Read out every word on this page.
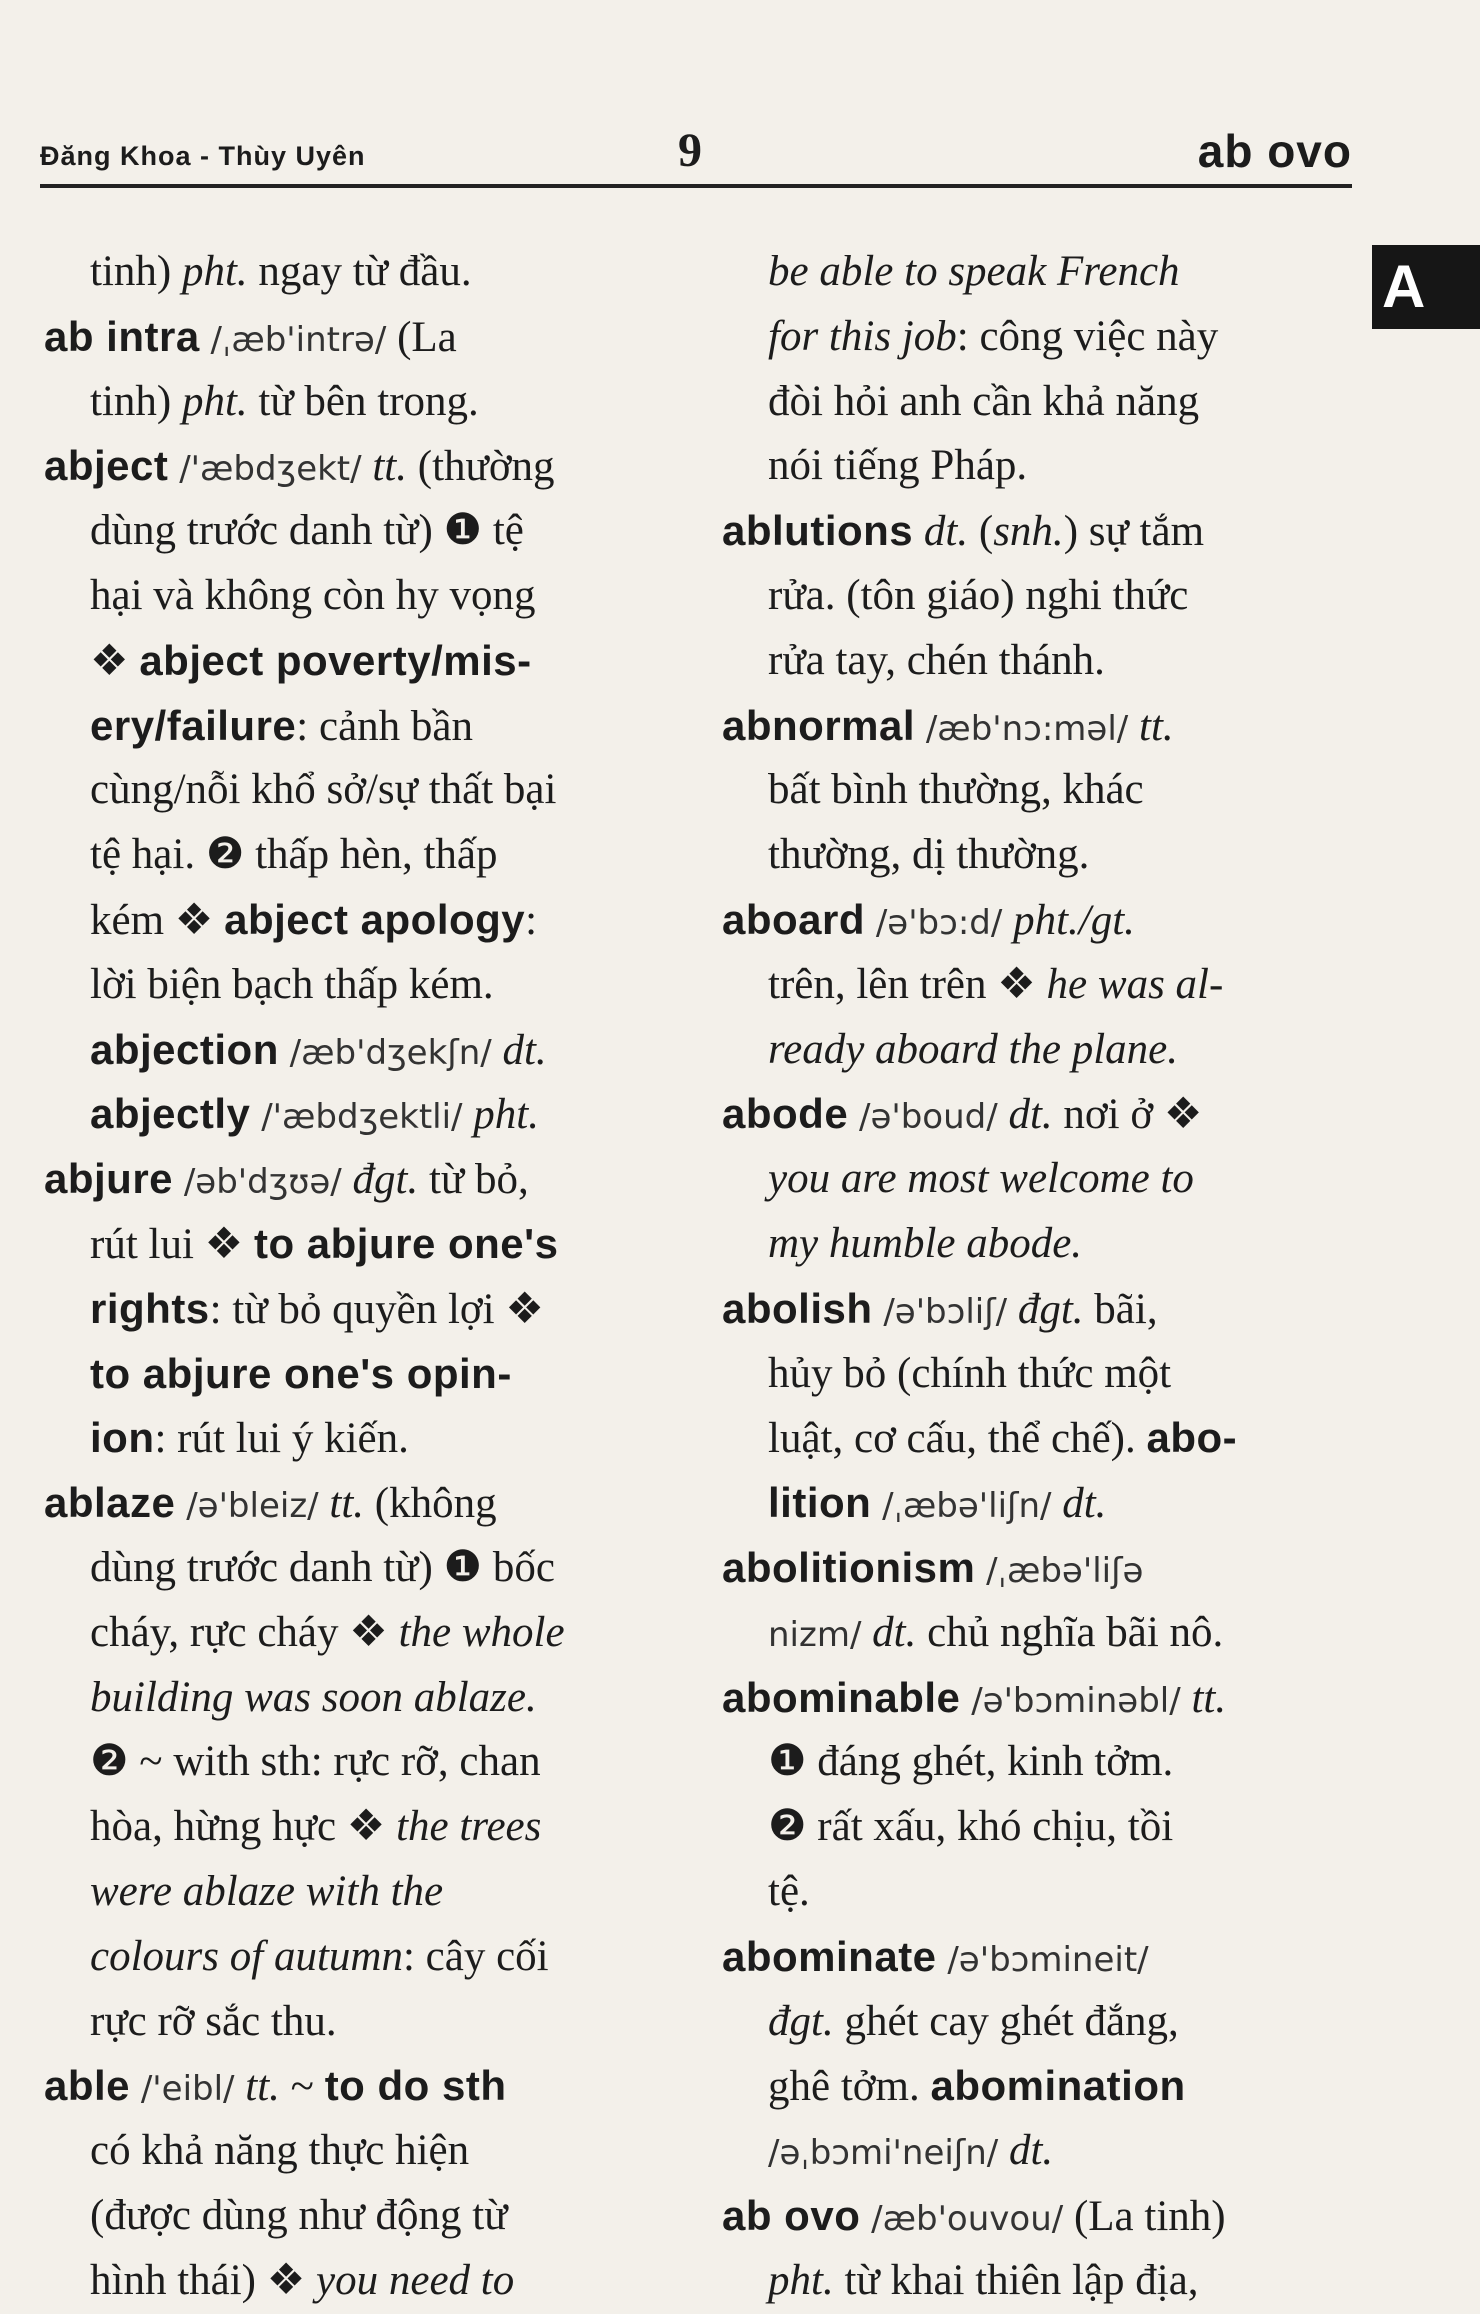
Đăng Khoa - Thùy Uyên	9	ab ovo
A
tinh) pht. ngay từ đầu.
ab intra /ˌæb'intrə/ (La
tinh) pht. từ bên trong.
abject /'æbdʒekt/ tt. (thường
dùng trước danh từ) ❶ tệ
hại và không còn hy vọng
❖ abject poverty/mis-
ery/failure: cảnh bần
cùng/nỗi khổ sở/sự thất bại
tệ hại. ❷ thấp hèn, thấp
kém ❖ abject apology:
lời biện bạch thấp kém.
abjection /æb'dʒekʃn/ dt.
abjectly /'æbdʒektli/ pht.
abjure /əb'dʒʊə/ đgt. từ bỏ,
rút lui ❖ to abjure one's
rights: từ bỏ quyền lợi ❖
to abjure one's opin-
ion: rút lui ý kiến.
ablaze /ə'bleiz/ tt. (không
dùng trước danh từ) ❶ bốc
cháy, rực cháy ❖ the whole
building was soon ablaze.
❷ ~ with sth: rực rỡ, chan
hòa, hừng hực ❖ the trees
were ablaze with the
colours of autumn: cây cối
rực rỡ sắc thu.
able /'eibl/ tt. ~ to do sth
có khả năng thực hiện
(được dùng như động từ
hình thái) ❖ you need to
be able to speak French
for this job: công việc này
đòi hỏi anh cần khả năng
nói tiếng Pháp.
ablutions dt. (snh.) sự tắm
rửa. (tôn giáo) nghi thức
rửa tay, chén thánh.
abnormal /æb'nɔ:məl/ tt.
bất bình thường, khác
thường, dị thường.
aboard /ə'bɔ:d/ pht./gt.
trên, lên trên ❖ he was al-
ready aboard the plane.
abode /ə'boud/ dt. nơi ở ❖
you are most welcome to
my humble abode.
abolish /ə'bɔliʃ/ đgt. bãi,
hủy bỏ (chính thức một
luật, cơ cấu, thể chế). abo-
lition /ˌæbə'liʃn/ dt.
abolitionism /ˌæbə'liʃə
nizm/ dt. chủ nghĩa bãi nô.
abominable /ə'bɔminəbl/ tt.
❶ đáng ghét, kinh tởm.
❷ rất xấu, khó chịu, tồi
tệ.
abominate /ə'bɔmineit/
đgt. ghét cay ghét đắng,
ghê tởm. abomination
/əˌbɔmi'neiʃn/ dt.
ab ovo /æb'ouvou/ (La tinh)
pht. từ khai thiên lập địa,
